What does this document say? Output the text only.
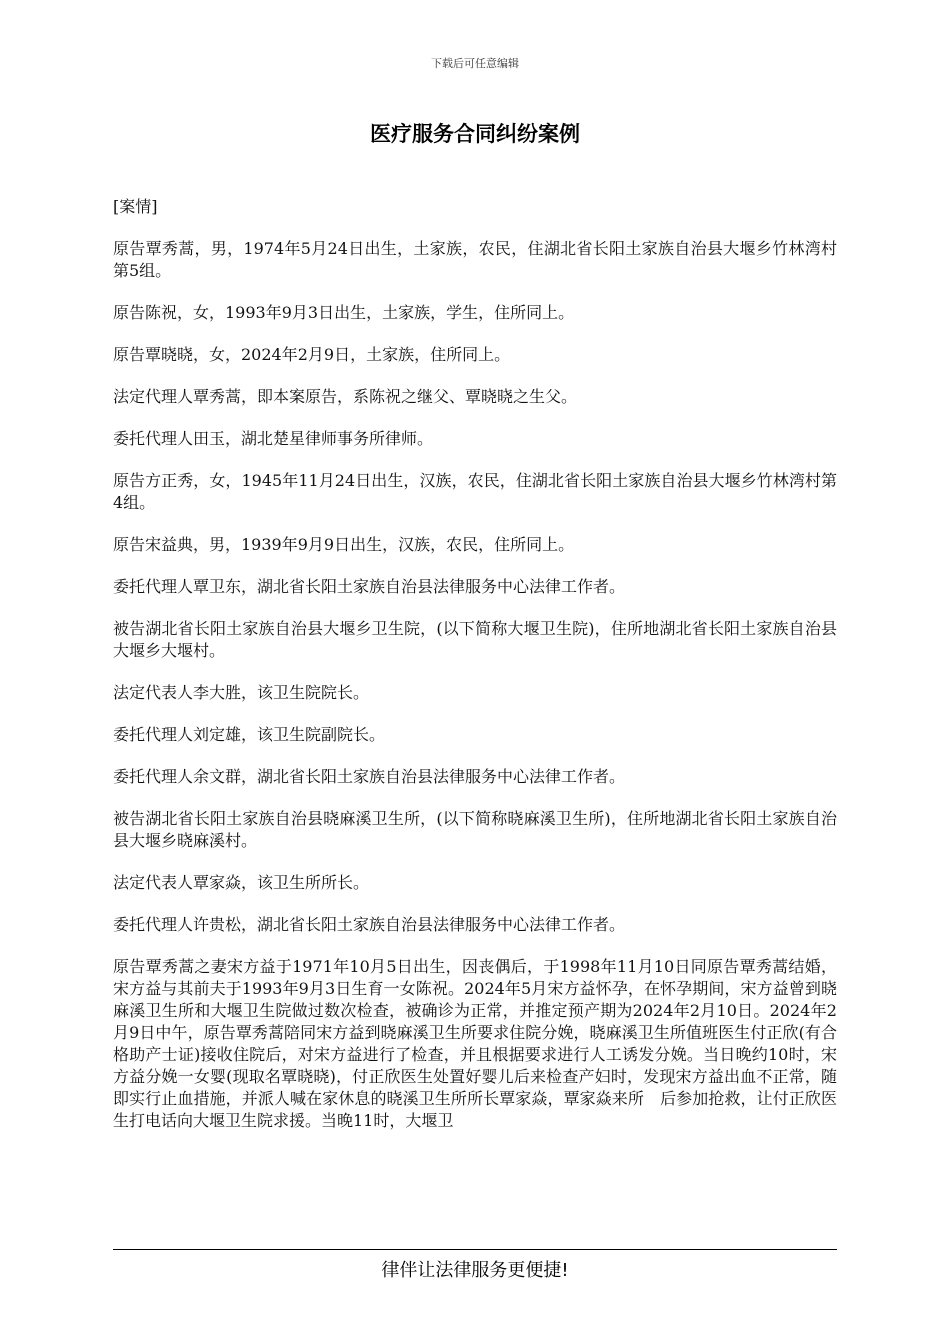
下载后可任意编辑
医疗服务合同纠纷案例

[案情]

原告覃秀蒿，男，1974年5月24日出生，土家族，农民，住湖北省长阳土家族自治县大堰乡竹林湾村第5组。

原告陈祝，女，1993年9月3日出生，土家族，学生，住所同上。

原告覃晓晓，女，2024年2月9日，土家族，住所同上。

法定代理人覃秀蒿，即本案原告，系陈祝之继父、覃晓晓之生父。

委托代理人田玉，湖北楚星律师事务所律师。

原告方正秀，女，1945年11月24日出生，汉族，农民，住湖北省长阳土家族自治县大堰乡竹林湾村第4组。

原告宋益典，男，1939年9月9日出生，汉族，农民，住所同上。

委托代理人覃卫东，湖北省长阳土家族自治县法律服务中心法律工作者。

被告湖北省长阳土家族自治县大堰乡卫生院，(以下简称大堰卫生院)，住所地湖北省长阳土家族自治县大堰乡大堰村。

法定代表人李大胜，该卫生院院长。

委托代理人刘定雄，该卫生院副院长。

委托代理人余文群，湖北省长阳土家族自治县法律服务中心法律工作者。

被告湖北省长阳土家族自治县晓麻溪卫生所，(以下简称晓麻溪卫生所)，住所地湖北省长阳土家族自治县大堰乡晓麻溪村。

法定代表人覃家焱，该卫生所所长。

委托代理人许贵松，湖北省长阳土家族自治县法律服务中心法律工作者。

原告覃秀蒿之妻宋方益于1971年10月5日出生，因丧偶后，于1998年11月10日同原告覃秀蒿结婚，宋方益与其前夫于1993年9月3日生育一女陈祝。2024年5月宋方益怀孕，在怀孕期间，宋方益曾到晓麻溪卫生所和大堰卫生院做过数次检查，被确诊为正常，并推定预产期为2024年2月10日。2024年2月9日中午，原告覃秀蒿陪同宋方益到晓麻溪卫生所要求住院分娩，晓麻溪卫生所值班医生付正欣(有合格助产士证)接收住院后，对宋方益进行了检查，并且根据要求进行人工诱发分娩。当日晚约10时，宋方益分娩一女婴(现取名覃晓晓)，付正欣医生处置好婴儿后来检查产妇时，发现宋方益出血不正常，随即实行止血措施，并派人喊在家休息的晓溪卫生所所长覃家焱，覃家焱来所　后参加抢救，让付正欣医生打电话向大堰卫生院求援。当晚11时，大堰卫

律伴让法律服务更便捷!
